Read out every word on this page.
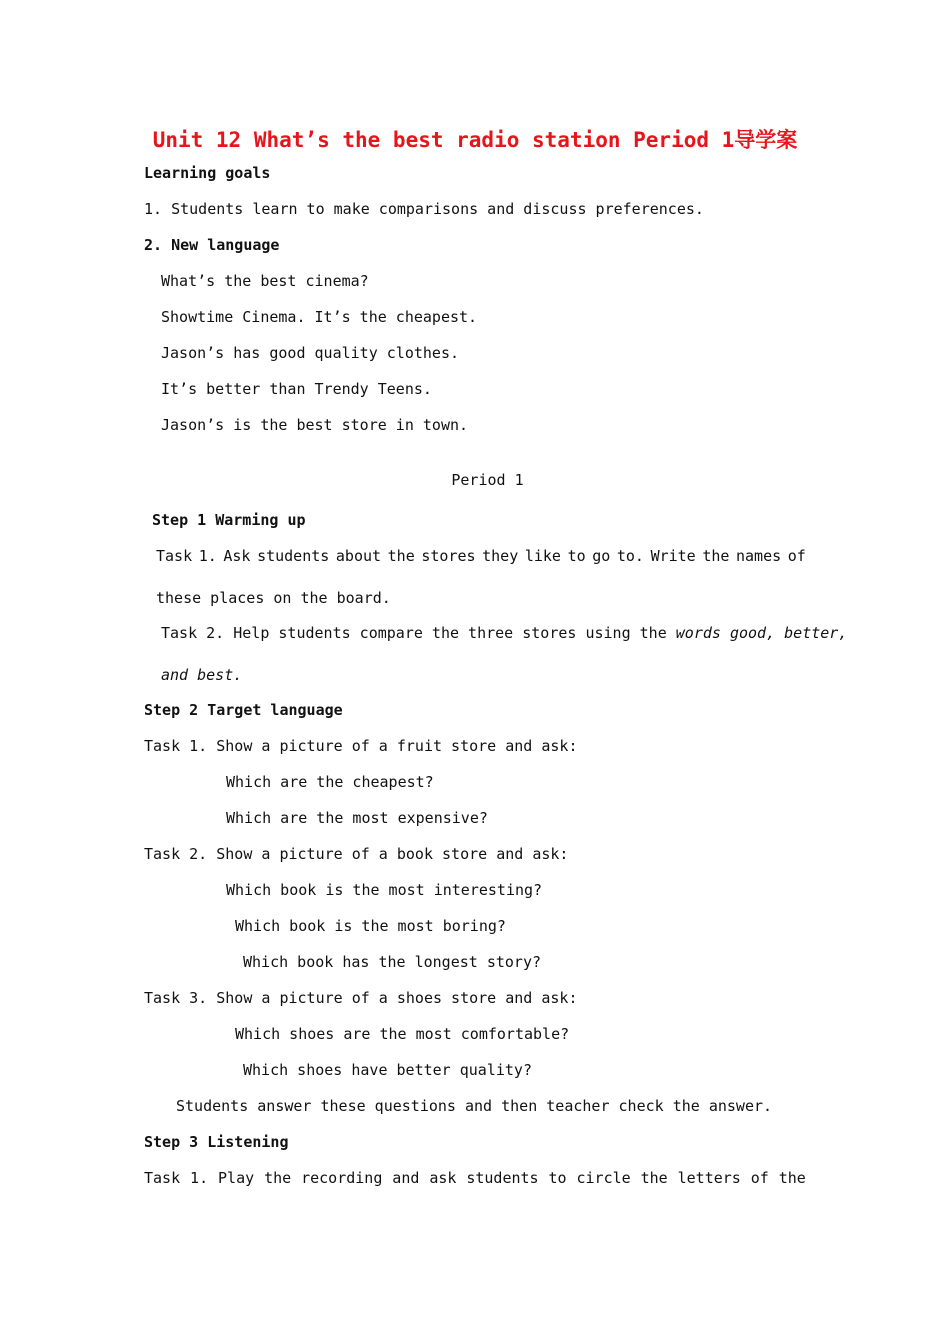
Unit 12 What’s the best radio station Period 1导学案
Learning goals
1. Students learn to make comparisons and discuss preferences.
2. New language
What’s the best cinema?
Showtime Cinema. It’s the cheapest.
Jason’s has good quality clothes.
It’s better than Trendy Teens.
Jason’s is the best store in town.
Period 1
Step 1 Warming up
Task 1. Ask students about the stores they like to go to. Write the names of
these places on the board.
Task 2. Help students compare the three stores using the words good, better,
and best.
Step 2 Target language
Task 1. Show a picture of a fruit store and ask:
Which are the cheapest?
Which are the most expensive?
Task 2. Show a picture of a book store and ask:
Which book is the most interesting?
Which book is the most boring?
Which book has the longest story?
Task 3. Show a picture of a shoes store and ask:
Which shoes are the most comfortable?
Which shoes have better quality?
Students answer these questions and then teacher check the answer.
Step 3 Listening
Task 1. Play the recording and ask students to circle the letters of the
